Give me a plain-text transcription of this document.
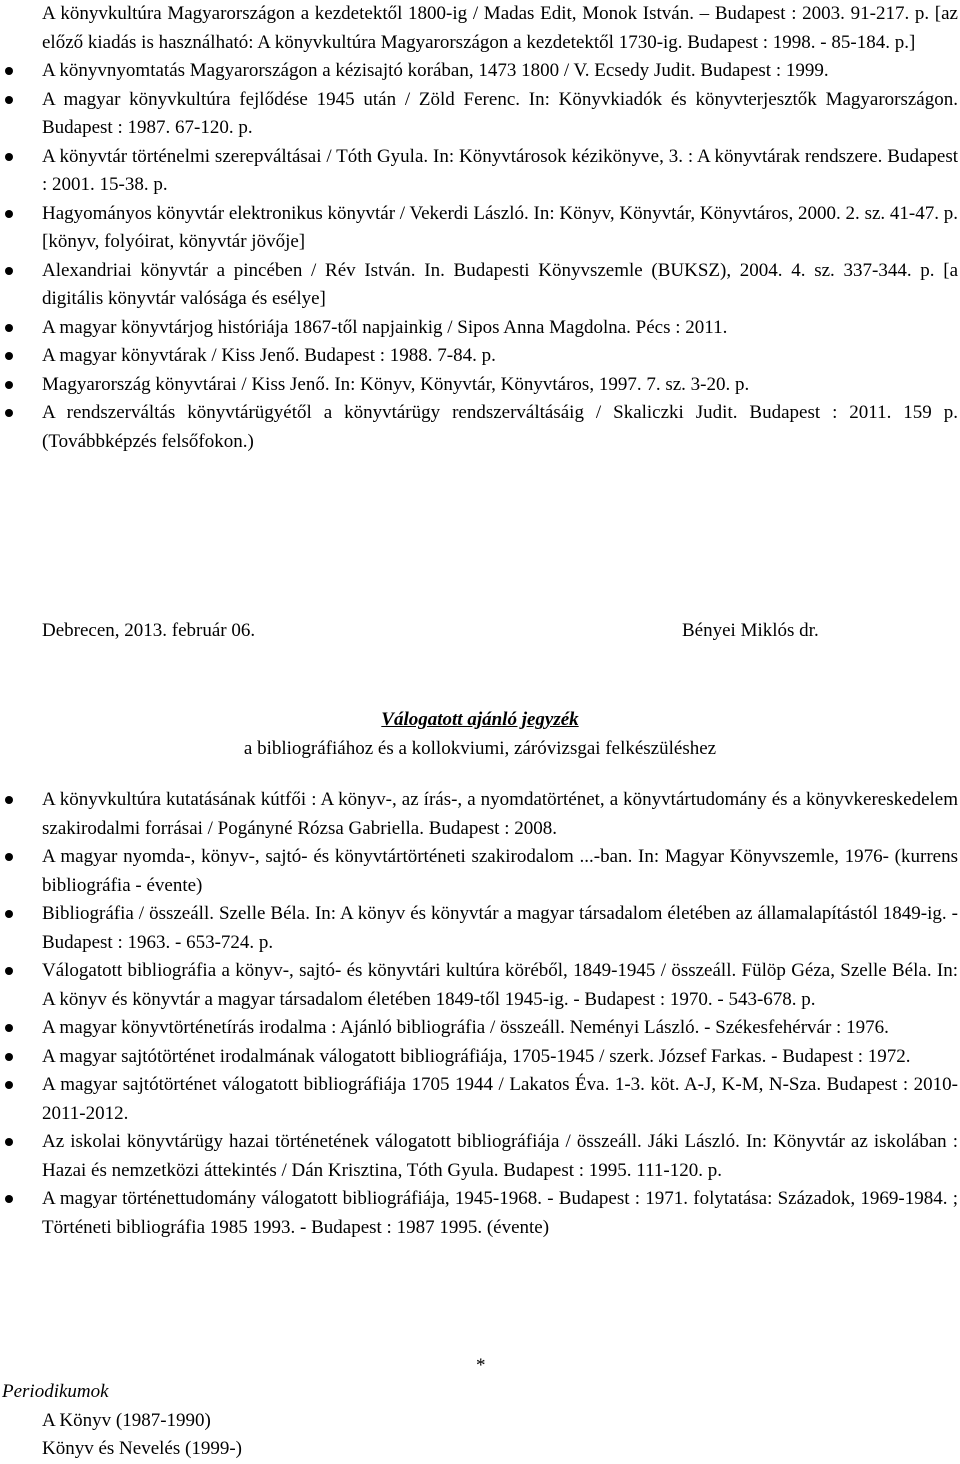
A könyvkultúra Magyarországon a kezdetektől 1800-ig / Madas Edit, Monok István. – Budapest : 2003. 91-217. p. [az előző kiadás is használható: A könyvkultúra Magyarországon a kezdetektől 1730-ig. Budapest : 1998. - 85-184. p.]
A könyvnyomtatás Magyarországon a kézisajtó korában, 1473 1800 / V. Ecsedy Judit. Budapest : 1999.
A magyar könyvkultúra fejlődése 1945 után / Zöld Ferenc. In: Könyvkiadók és könyvterjesztők Magyarországon. Budapest : 1987. 67-120. p.
A könyvtár történelmi szerepváltásai / Tóth Gyula. In: Könyvtárosok kézikönyve, 3. : A könyvtárak rendszere. Budapest : 2001. 15-38. p.
Hagyományos könyvtár elektronikus könyvtár / Vekerdi László. In: Könyv, Könyvtár, Könyvtáros, 2000. 2. sz. 41-47. p. [könyv, folyóirat, könyvtár jövője]
Alexandriai könyvtár a pincében / Rév István. In. Budapesti Könyvszemle (BUKSZ), 2004. 4. sz. 337-344. p. [a digitális könyvtár valósága és esélye]
A magyar könyvtárjog históriája 1867-től napjainkig / Sipos Anna Magdolna. Pécs : 2011.
A magyar könyvtárak / Kiss Jenő. Budapest : 1988. 7-84. p.
Magyarország könyvtárai / Kiss Jenő. In: Könyv, Könyvtár, Könyvtáros, 1997. 7. sz. 3-20. p.
A rendszerváltás könyvtárügyétől a könyvtárügy rendszerváltásáig / Skaliczki Judit. Budapest : 2011. 159 p. (Továbbképzés felsőfokon.)
Debrecen, 2013. február 06.	Bényei Miklós dr.
Válogatott ajánló jegyzék
a bibliográfiához és a kollokviumi, záróvizsgai felkészüléshez
A könyvkultúra kutatásának kútfői : A könyv-, az írás-, a nyomdatörténet, a könyvtártudomány és a könyvkereskedelem szakirodalmi forrásai / Pogányné Rózsa Gabriella. Budapest : 2008.
A magyar nyomda-, könyv-, sajtó- és könyvtártörténeti szakirodalom ...-ban. In: Magyar Könyvszemle, 1976- (kurrens bibliográfia - évente)
Bibliográfia / összeáll. Szelle Béla. In: A könyv és könyvtár a magyar társadalom életében az államalapítástól 1849-ig. - Budapest : 1963. - 653-724. p.
Válogatott bibliográfia a könyv-, sajtó- és könyvtári kultúra köréből, 1849-1945 / összeáll. Fülöp Géza, Szelle Béla. In: A könyv és könyvtár a magyar társadalom életében 1849-től 1945-ig. - Budapest : 1970. - 543-678. p.
A magyar könyvtörténetírás irodalma : Ajánló bibliográfia / összeáll. Neményi László. - Székesfehérvár : 1976.
A magyar sajtótörténet irodalmának válogatott bibliográfiája, 1705-1945 / szerk. József Farkas. - Budapest : 1972.
A magyar sajtótörténet válogatott bibliográfiája 1705 1944 / Lakatos Éva. 1-3. köt. A-J, K-M, N-Sza. Budapest : 2010-2011-2012.
Az iskolai könyvtárügy hazai történetének válogatott bibliográfiája / összeáll. Jáki László. In: Könyvtár az iskolában : Hazai és nemzetközi áttekintés / Dán Krisztina, Tóth Gyula. Budapest : 1995. 111-120. p.
A magyar történettudomány válogatott bibliográfiája, 1945-1968. - Budapest : 1971. folytatása: Századok, 1969-1984. ; Történeti bibliográfia 1985 1993. - Budapest : 1987 1995. (évente)
*
Periodikumok
A Könyv (1987-1990)
Könyv és Nevelés (1999-)
